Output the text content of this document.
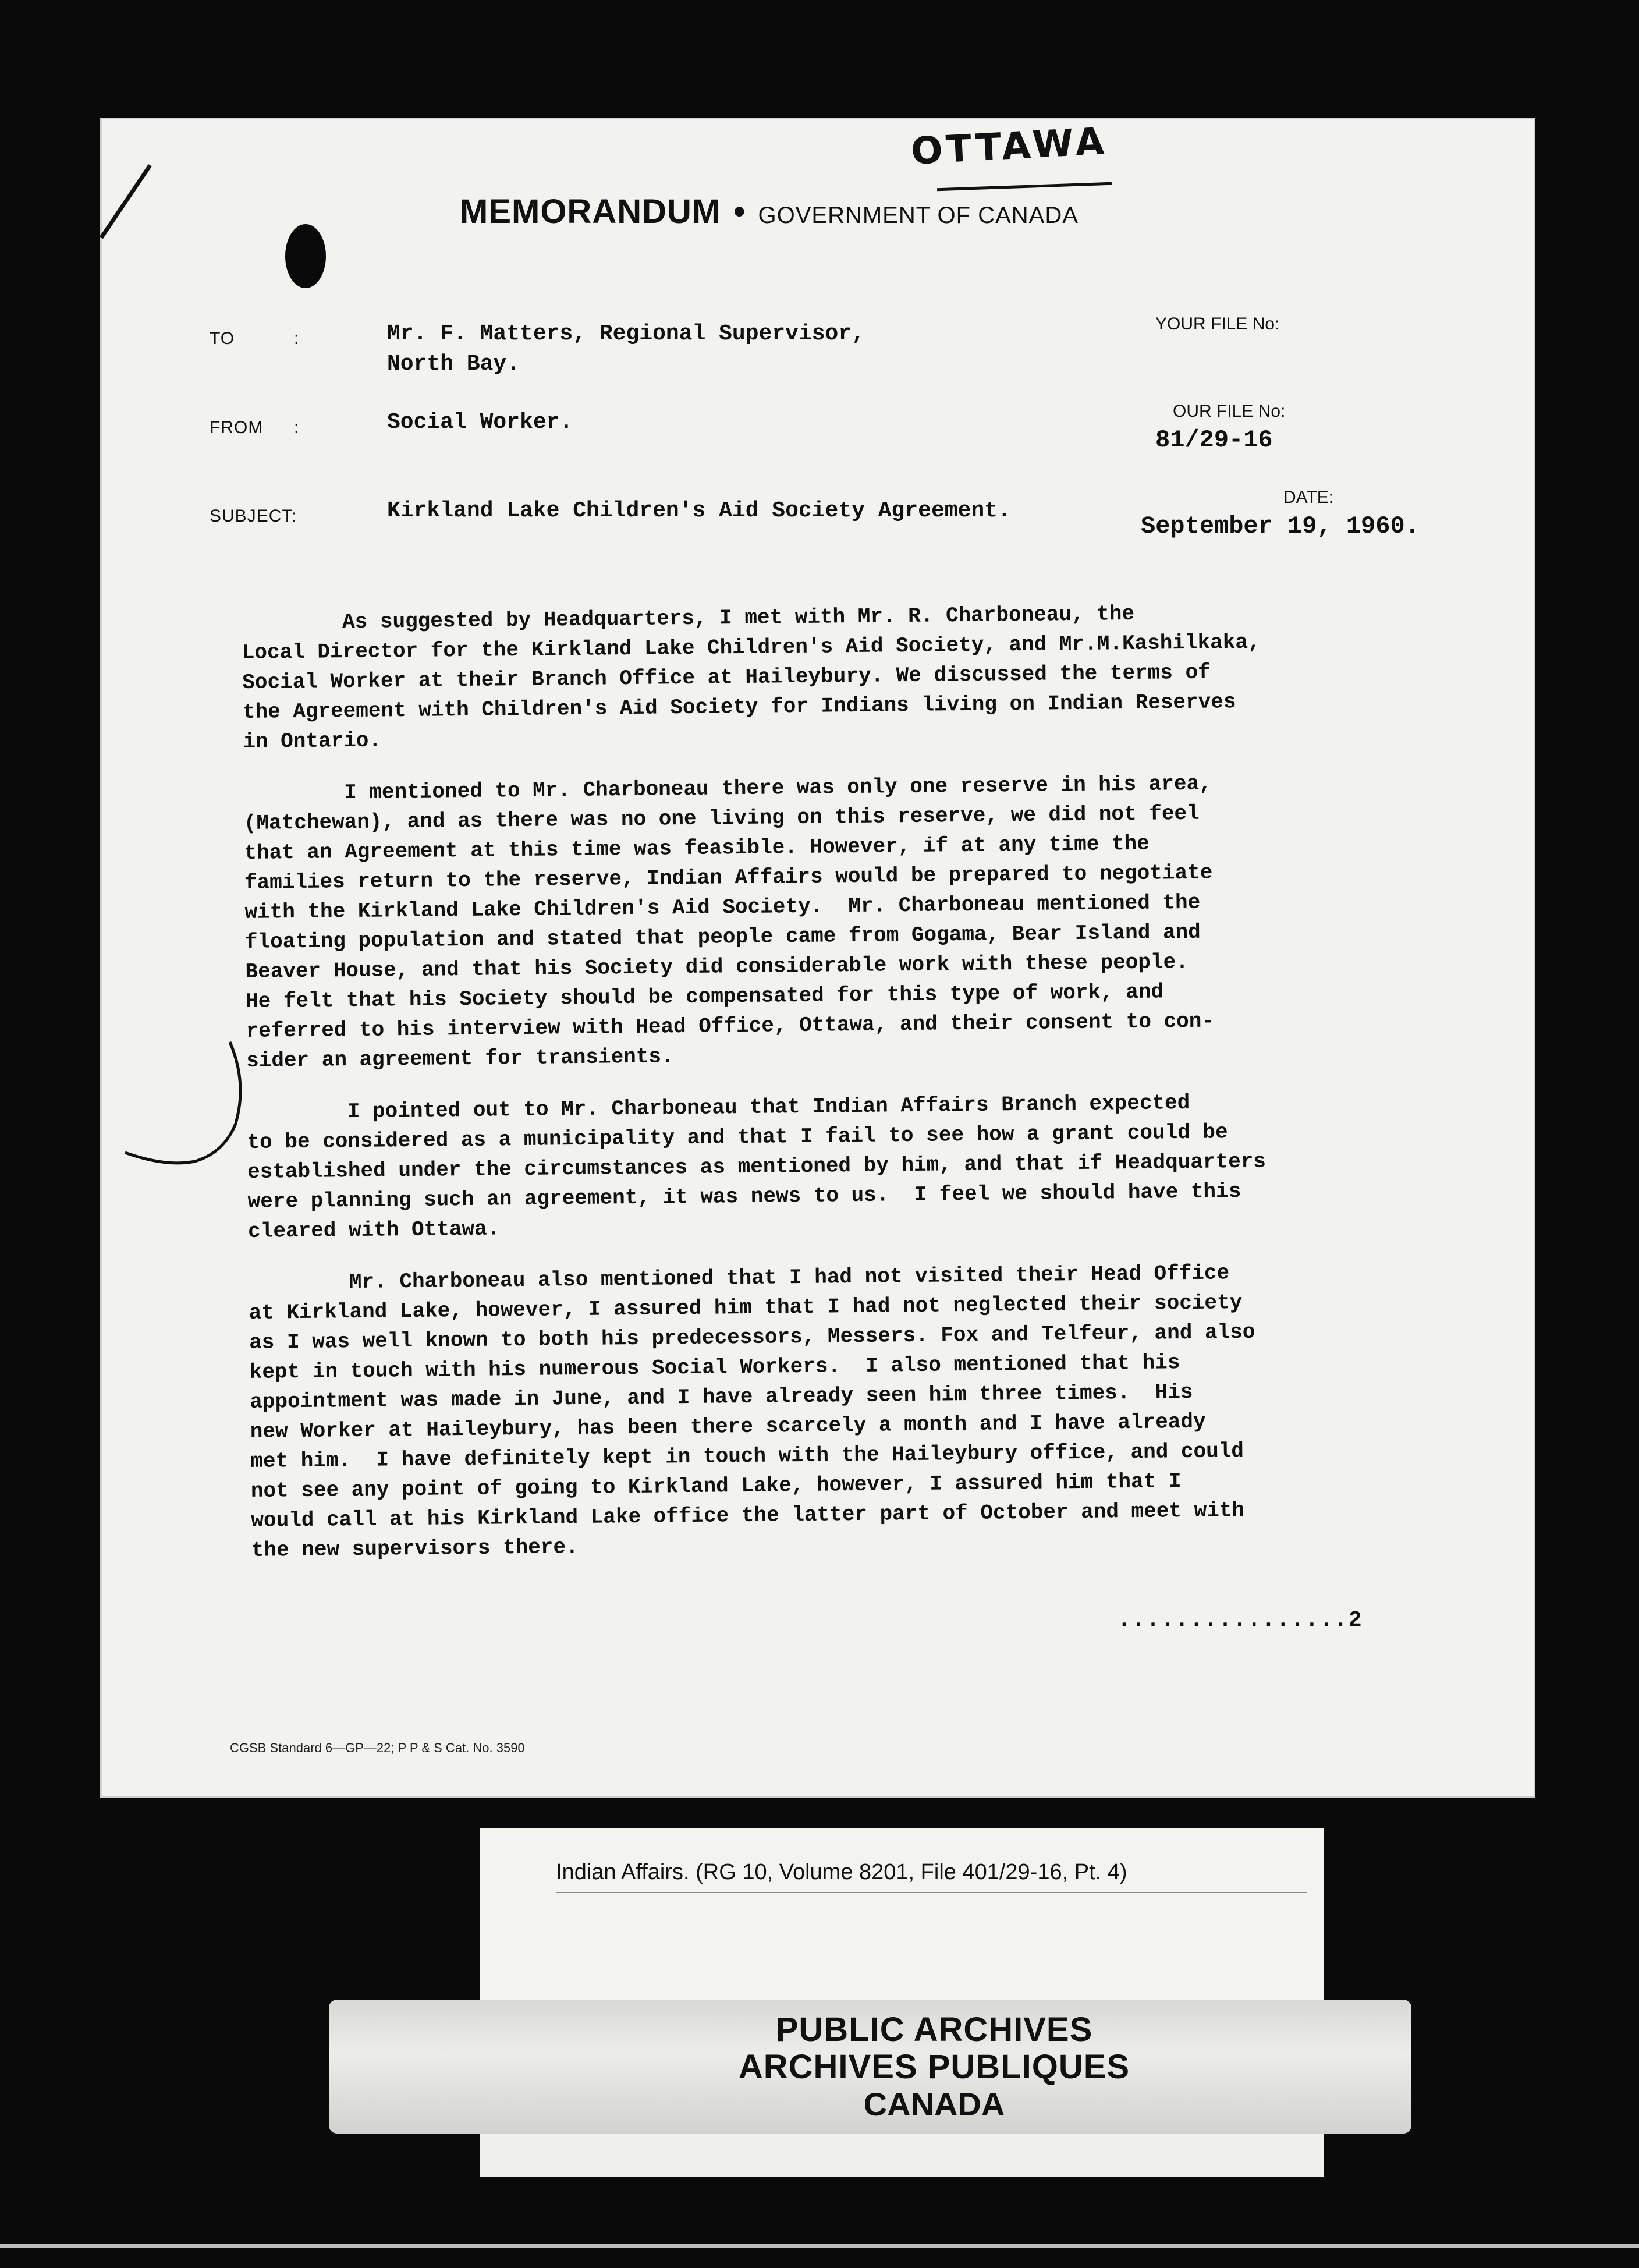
OTTAWA
MEMORANDUM • GOVERNMENT OF CANADA
TO	:	Mr. F. Matters, Regional Supervisor,
North Bay.
FROM :	Social Worker.
SUBJECT:	Kirkland Lake Children's Aid Society Agreement.
YOUR FILE No:
OUR FILE No:
81/29-16
DATE:
September 19, 1960.

As suggested by Headquarters, I met with Mr. R. Charboneau, the
Local Director for the Kirkland Lake Children's Aid Society, and Mr.M.Kashilkaka,
Social Worker at their Branch Office at Haileybury. We discussed the terms of
the Agreement with Children's Aid Society for Indians living on Indian Reserves
in Ontario.

I mentioned to Mr. Charboneau there was only one reserve in his area,
(Matchewan), and as there was no one living on this reserve, we did not feel
that an Agreement at this time was feasible. However, if at any time the
families return to the reserve, Indian Affairs would be prepared to negotiate
with the Kirkland Lake Children's Aid Society.  Mr. Charboneau mentioned the
floating population and stated that people came from Gogama, Bear Island and
Beaver House, and that his Society did considerable work with these people.
He felt that his Society should be compensated for this type of work, and
referred to his interview with Head Office, Ottawa, and their consent to con-
sider an agreement for transients.

I pointed out to Mr. Charboneau that Indian Affairs Branch expected
to be considered as a municipality and that I fail to see how a grant could be
established under the circumstances as mentioned by him, and that if Headquarters
were planning such an agreement, it was news to us.  I feel we should have this
cleared with Ottawa.

Mr. Charboneau also mentioned that I had not visited their Head Office
at Kirkland Lake, however, I assured him that I had not neglected their society
as I was well known to both his predecessors, Messers. Fox and Telfeur, and also
kept in touch with his numerous Social Workers.  I also mentioned that his
appointment was made in June, and I have already seen him three times.  His
new Worker at Haileybury, has been there scarcely a month and I have already
met him.  I have definitely kept in touch with the Haileybury office, and could
not see any point of going to Kirkland Lake, however, I assured him that I
would call at his Kirkland Lake office the latter part of October and meet with
the new supervisors there.

................2
CGSB Standard 6—GP—22; P P & S Cat. No. 3590
Indian Affairs. (RG 10, Volume 8201, File 401/29-16, Pt. 4)
PUBLIC ARCHIVES
ARCHIVES PUBLIQUES
CANADA
